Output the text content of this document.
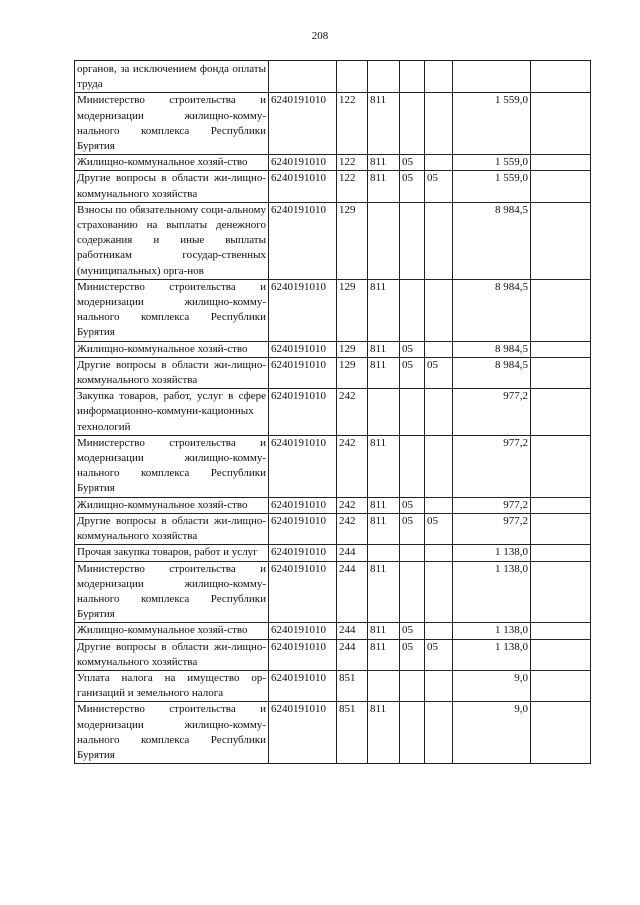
208
органов, за исключением фонда оплаты труда							
Министерство строительства и модернизации жилищно-комму-нального комплекса Республики Бурятия	6240191010	122	811			1 559,0	
Жилищно-коммунальное хозяй-ство	6240191010	122	811	05		1 559,0	
Другие вопросы в области жи-лищно-коммунального хозяйства	6240191010	122	811	05	05	1 559,0	
Взносы по обязательному соци-альному страхованию на выплаты денежного содержания и иные выплаты работникам государ-ственных (муниципальных) орга-нов	6240191010	129				8 984,5	
Министерство строительства и модернизации жилищно-комму-нального комплекса Республики Бурятия	6240191010	129	811			8 984,5	
Жилищно-коммунальное хозяй-ство	6240191010	129	811	05		8 984,5	
Другие вопросы в области жи-лищно-коммунального хозяйства	6240191010	129	811	05	05	8 984,5	
Закупка товаров, работ, услуг в сфере информационно-коммуни-кационных технологий	6240191010	242				977,2	
Министерство строительства и модернизации жилищно-комму-нального комплекса Республики Бурятия	6240191010	242	811			977,2	
Жилищно-коммунальное хозяй-ство	6240191010	242	811	05		977,2	
Другие вопросы в области жи-лищно-коммунального хозяйства	6240191010	242	811	05	05	977,2	
Прочая закупка товаров, работ и услуг	6240191010	244				1 138,0	
Министерство строительства и модернизации жилищно-комму-нального комплекса Республики Бурятия	6240191010	244	811			1 138,0	
Жилищно-коммунальное хозяй-ство	6240191010	244	811	05		1 138,0	
Другие вопросы в области жи-лищно-коммунального хозяйства	6240191010	244	811	05	05	1 138,0	
Уплата налога на имущество ор-ганизаций и земельного налога	6240191010	851				9,0	
Министерство строительства и модернизации жилищно-комму-нального комплекса Республики Бурятия	6240191010	851	811			9,0	
